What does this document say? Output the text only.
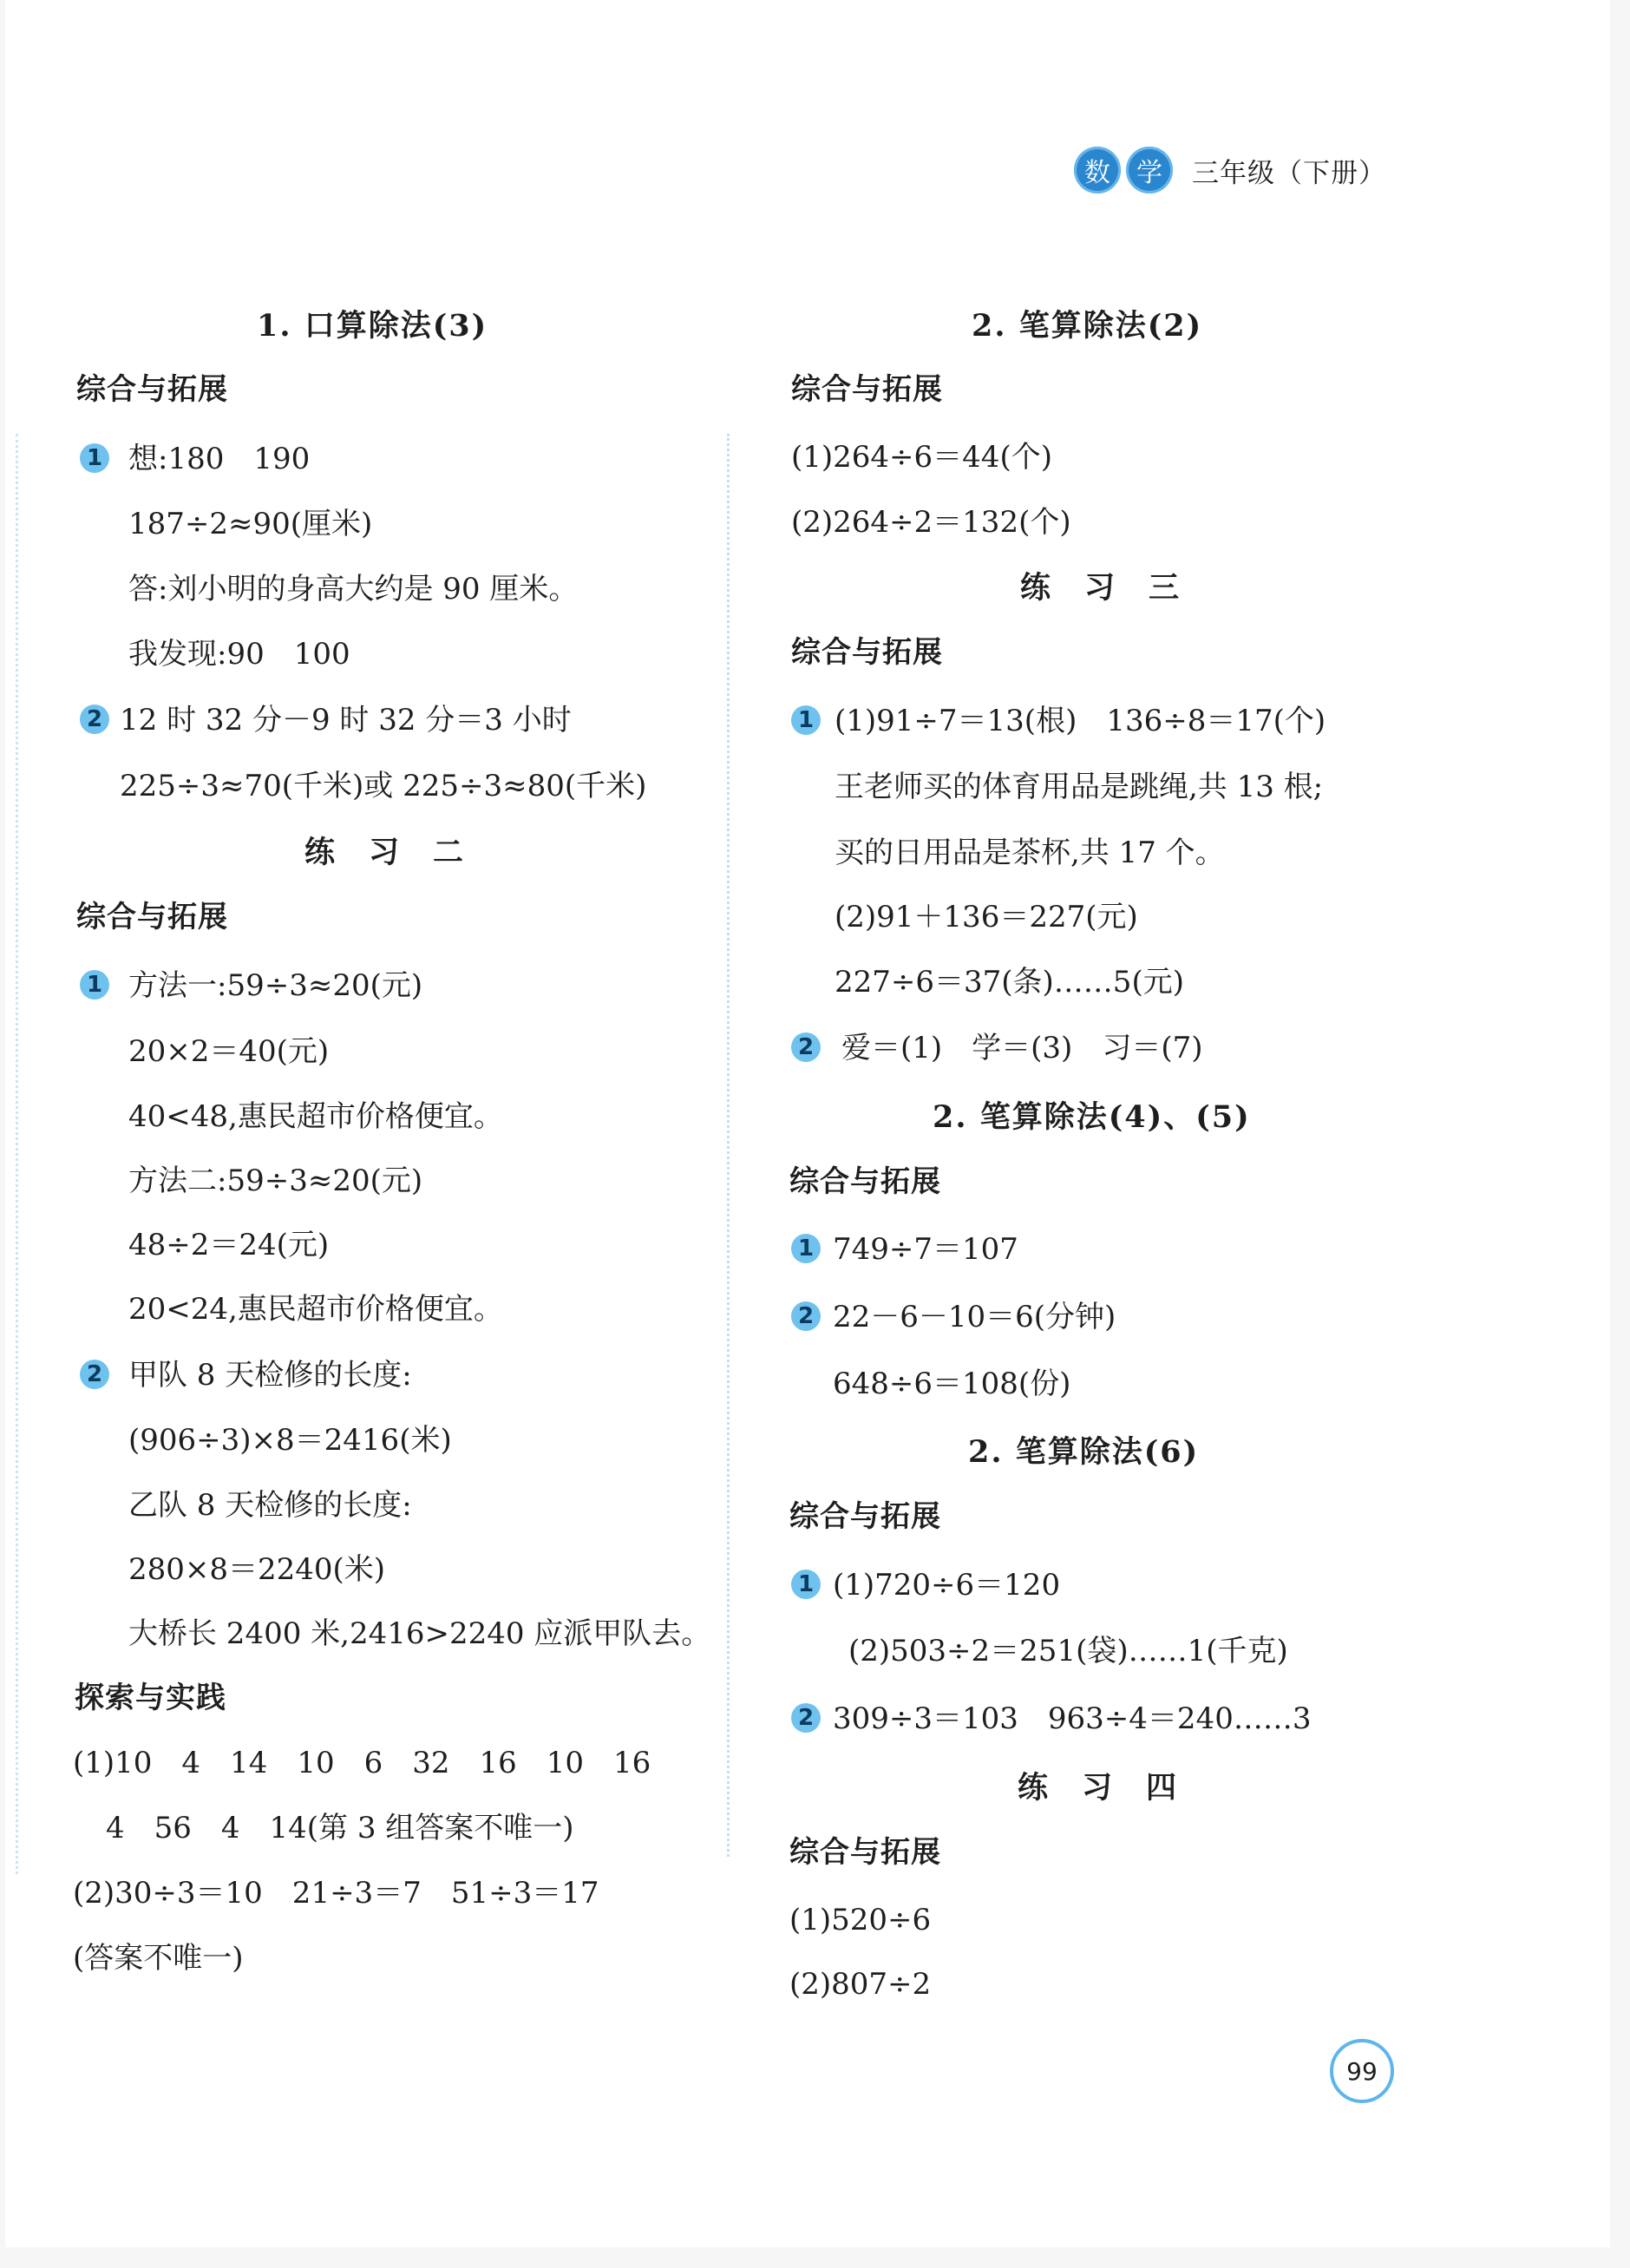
数	学	三年级（下册）
1. 口算除法(3)
综合与拓展
1 想:180　190
187÷2≈90(厘米)
答:刘小明的身高大约是 90 厘米。
我发现:90　100
2 12 时 32 分－9 时 32 分＝3 小时
225÷3≈70(千米)或 225÷3≈80(千米)
练　习　二
综合与拓展
1 方法一:59÷3≈20(元)
20×2＝40(元)
40<48,惠民超市价格便宜。
方法二:59÷3≈20(元)
48÷2＝24(元)
20<24,惠民超市价格便宜。
2 甲队 8 天检修的长度:
(906÷3)×8＝2416(米)
乙队 8 天检修的长度:
280×8＝2240(米)
大桥长 2400 米,2416>2240 应派甲队去。
探索与实践
(1)10　4　14　10　6　32　16　10　16
4　56　4　14(第 3 组答案不唯一)
(2)30÷3＝10　21÷3＝7　51÷3＝17
(答案不唯一)
2. 笔算除法(2)
综合与拓展
(1)264÷6＝44(个)
(2)264÷2＝132(个)
练　习　三
综合与拓展
1 (1)91÷7＝13(根)　136÷8＝17(个)
王老师买的体育用品是跳绳,共 13 根;
买的日用品是茶杯,共 17 个。
(2)91＋136＝227(元)
227÷6＝37(条)……5(元)
2 爱＝(1)　学＝(3)　习＝(7)
2. 笔算除法(4)、(5)
综合与拓展
1 749÷7＝107
2 22－6－10＝6(分钟)
648÷6＝108(份)
2. 笔算除法(6)
综合与拓展
1 (1)720÷6＝120
(2)503÷2＝251(袋)……1(千克)
2 309÷3＝103　963÷4＝240……3
练　习　四
综合与拓展
(1)520÷6
(2)807÷2
99
